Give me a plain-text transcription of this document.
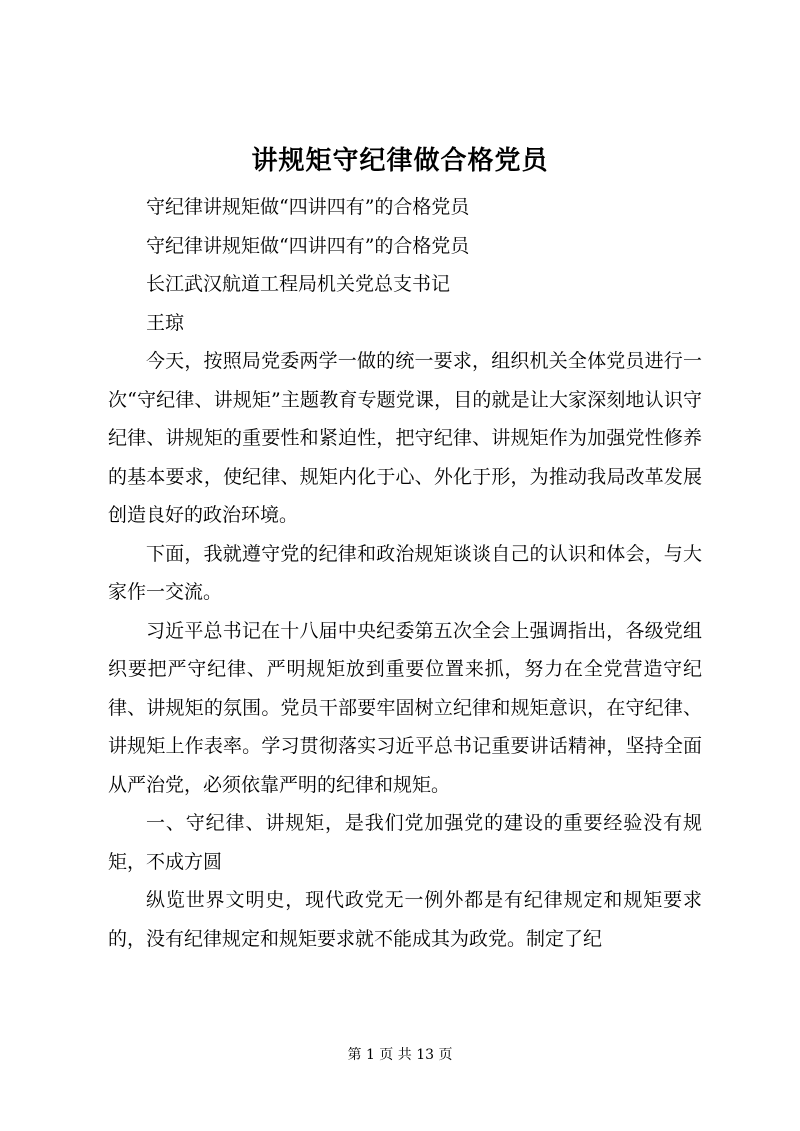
讲规矩守纪律做合格党员

守纪律讲规矩做“四讲四有”的合格党员

守纪律讲规矩做“四讲四有”的合格党员

长江武汉航道工程局机关党总支书记

王琼

今天，按照局党委两学一做的统一要求，组织机关全体党员进行一次“守纪律、讲规矩”主题教育专题党课，目的就是让大家深刻地认识守纪律、讲规矩的重要性和紧迫性，把守纪律、讲规矩作为加强党性修养的基本要求，使纪律、规矩内化于心、外化于形，为推动我局改革发展创造良好的政治环境。

下面，我就遵守党的纪律和政治规矩谈谈自己的认识和体会，与大家作一交流。

习近平总书记在十八届中央纪委第五次全会上强调指出，各级党组织要把严守纪律、严明规矩放到重要位置来抓，努力在全党营造守纪律、讲规矩的氛围。党员干部要牢固树立纪律和规矩意识，在守纪律、讲规矩上作表率。学习贯彻落实习近平总书记重要讲话精神，坚持全面从严治党，必须依靠严明的纪律和规矩。

一、守纪律、讲规矩，是我们党加强党的建设的重要经验没有规矩，不成方圆

纵览世界文明史，现代政党无一例外都是有纪律规定和规矩要求的，没有纪律规定和规矩要求就不能成其为政党。制定了纪

第 1 页 共 13 页
